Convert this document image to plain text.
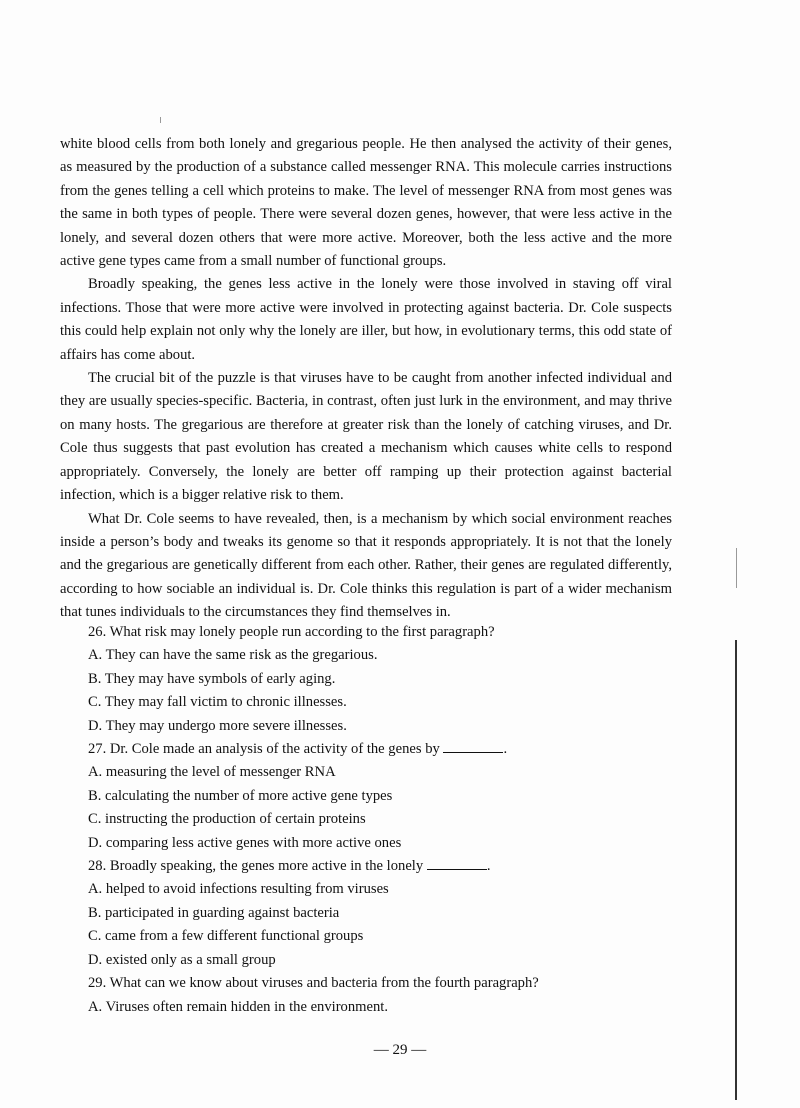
white blood cells from both lonely and gregarious people. He then analysed the activity of their genes, as measured by the production of a substance called messenger RNA. This molecule carries instructions from the genes telling a cell which proteins to make. The level of messenger RNA from most genes was the same in both types of people. There were several dozen genes, however, that were less active in the lonely, and several dozen others that were more active. Moreover, both the less active and the more active gene types came from a small number of functional groups.

Broadly speaking, the genes less active in the lonely were those involved in staving off viral infections. Those that were more active were involved in protecting against bacteria. Dr. Cole suspects this could help explain not only why the lonely are iller, but how, in evolutionary terms, this odd state of affairs has come about.

The crucial bit of the puzzle is that viruses have to be caught from another infected individual and they are usually species-specific. Bacteria, in contrast, often just lurk in the environment, and may thrive on many hosts. The gregarious are therefore at greater risk than the lonely of catching viruses, and Dr. Cole thus suggests that past evolution has created a mechanism which causes white cells to respond appropriately. Conversely, the lonely are better off ramping up their protection against bacterial infection, which is a bigger relative risk to them.

What Dr. Cole seems to have revealed, then, is a mechanism by which social environment reaches inside a person’s body and tweaks its genome so that it responds appropriately. It is not that the lonely and the gregarious are genetically different from each other. Rather, their genes are regulated differently, according to how sociable an individual is. Dr. Cole thinks this regulation is part of a wider mechanism that tunes individuals to the circumstances they find themselves in.

26. What risk may lonely people run according to the first paragraph?

A. They can have the same risk as the gregarious.

B. They may have symbols of early aging.

C. They may fall victim to chronic illnesses.

D. They may undergo more severe illnesses.

27. Dr. Cole made an analysis of the activity of the genes by	.

A. measuring the level of messenger RNA

B. calculating the number of more active gene types

C. instructing the production of certain proteins

D. comparing less active genes with more active ones

28. Broadly speaking, the genes more active in the lonely	.

A. helped to avoid infections resulting from viruses

B. participated in guarding against bacteria

C. came from a few different functional groups

D. existed only as a small group

29. What can we know about viruses and bacteria from the fourth paragraph?

A. Viruses often remain hidden in the environment.

— 29 —
